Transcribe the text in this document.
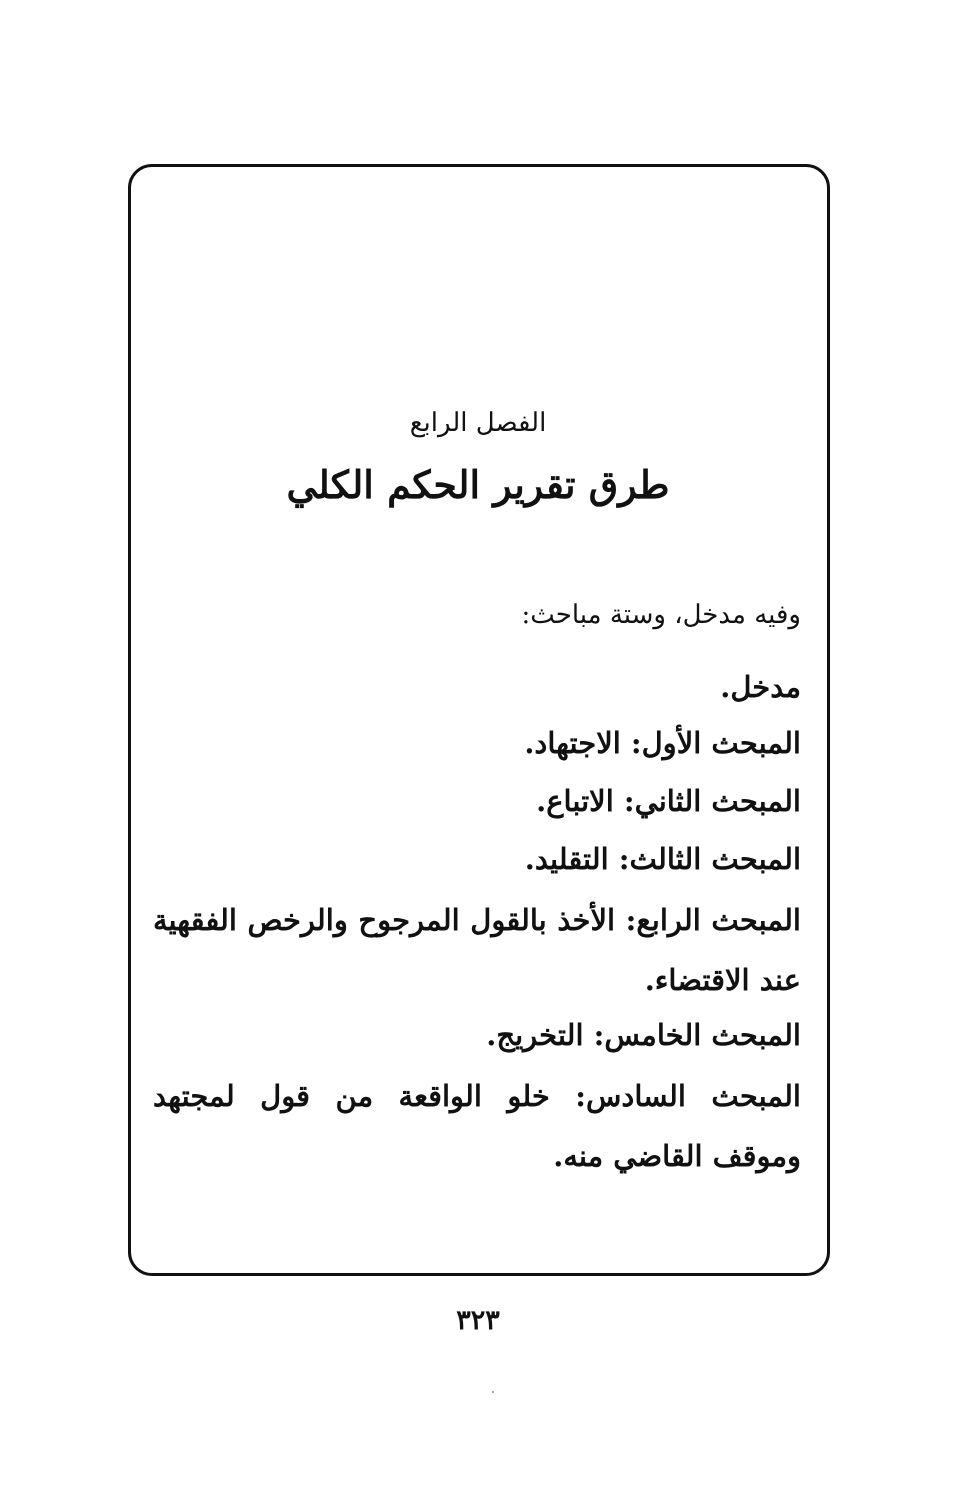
الفصل الرابع
طرق تقرير الحكم الكلي
وفيه مدخل، وستة مباحث:
مدخل.
المبحث الأول: الاجتهاد.
المبحث الثاني: الاتباع.
المبحث الثالث: التقليد.
المبحث الرابع: الأخذ بالقول المرجوح والرخص الفقهية عند الاقتضاء.
المبحث الخامس: التخريج.
المبحث السادس: خلو الواقعة من قول لمجتهد وموقف القاضي منه.
٣٢٣
